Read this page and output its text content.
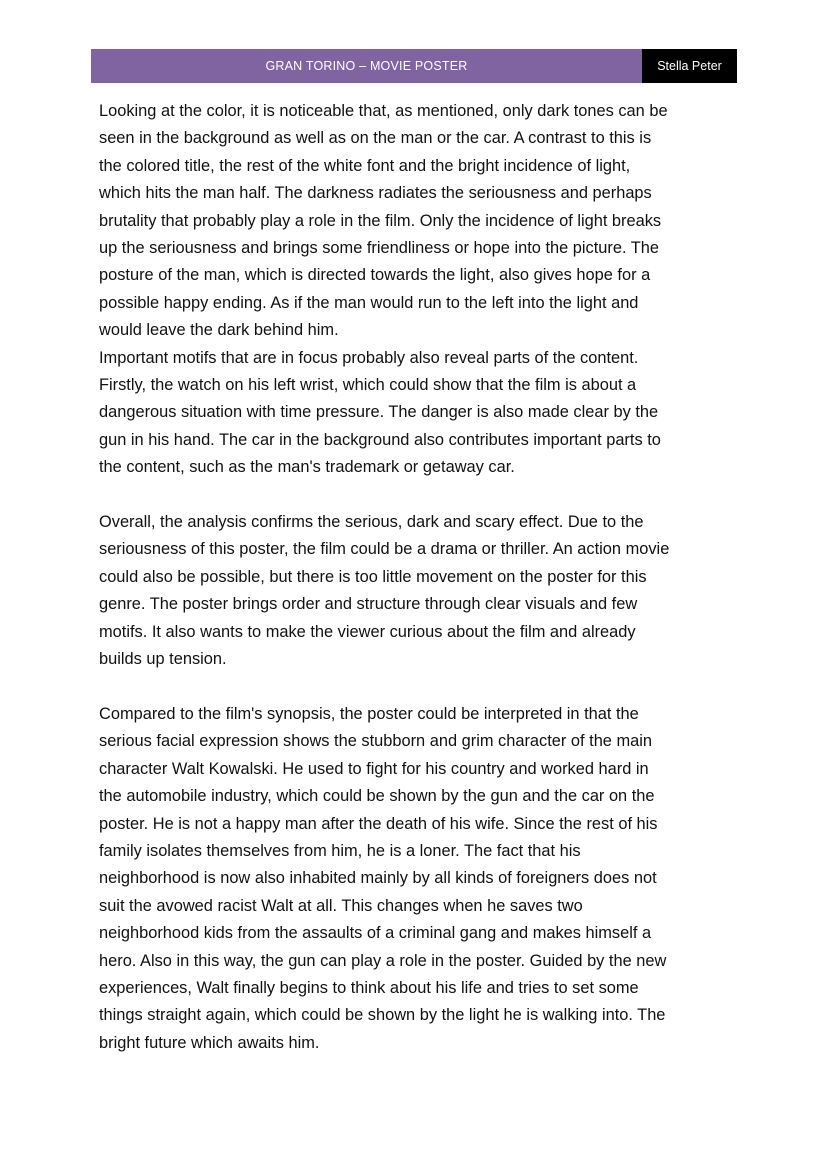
GRAN TORINO – MOVIE POSTER	Stella Peter

Looking at the color, it is noticeable that, as mentioned, only dark tones can be
seen in the background as well as on the man or the car. A contrast to this is
the colored title, the rest of the white font and the bright incidence of light,
which hits the man half. The darkness radiates the seriousness and perhaps
brutality that probably play a role in the film. Only the incidence of light breaks
up the seriousness and brings some friendliness or hope into the picture. The
posture of the man, which is directed towards the light, also gives hope for a
possible happy ending. As if the man would run to the left into the light and
would leave the dark behind him.

Important motifs that are in focus probably also reveal parts of the content.
Firstly, the watch on his left wrist, which could show that the film is about a
dangerous situation with time pressure. The danger is also made clear by the
gun in his hand. The car in the background also contributes important parts to
the content, such as the man's trademark or getaway car.

Overall, the analysis confirms the serious, dark and scary effect. Due to the
seriousness of this poster, the film could be a drama or thriller. An action movie
could also be possible, but there is too little movement on the poster for this
genre. The poster brings order and structure through clear visuals and few
motifs. It also wants to make the viewer curious about the film and already
builds up tension.

Compared to the film's synopsis, the poster could be interpreted in that the
serious facial expression shows the stubborn and grim character of the main
character Walt Kowalski. He used to fight for his country and worked hard in
the automobile industry, which could be shown by the gun and the car on the
poster. He is not a happy man after the death of his wife. Since the rest of his
family isolates themselves from him, he is a loner. The fact that his
neighborhood is now also inhabited mainly by all kinds of foreigners does not
suit the avowed racist Walt at all. This changes when he saves two
neighborhood kids from the assaults of a criminal gang and makes himself a
hero. Also in this way, the gun can play a role in the poster. Guided by the new
experiences, Walt finally begins to think about his life and tries to set some
things straight again, which could be shown by the light he is walking into. The
bright future which awaits him.
